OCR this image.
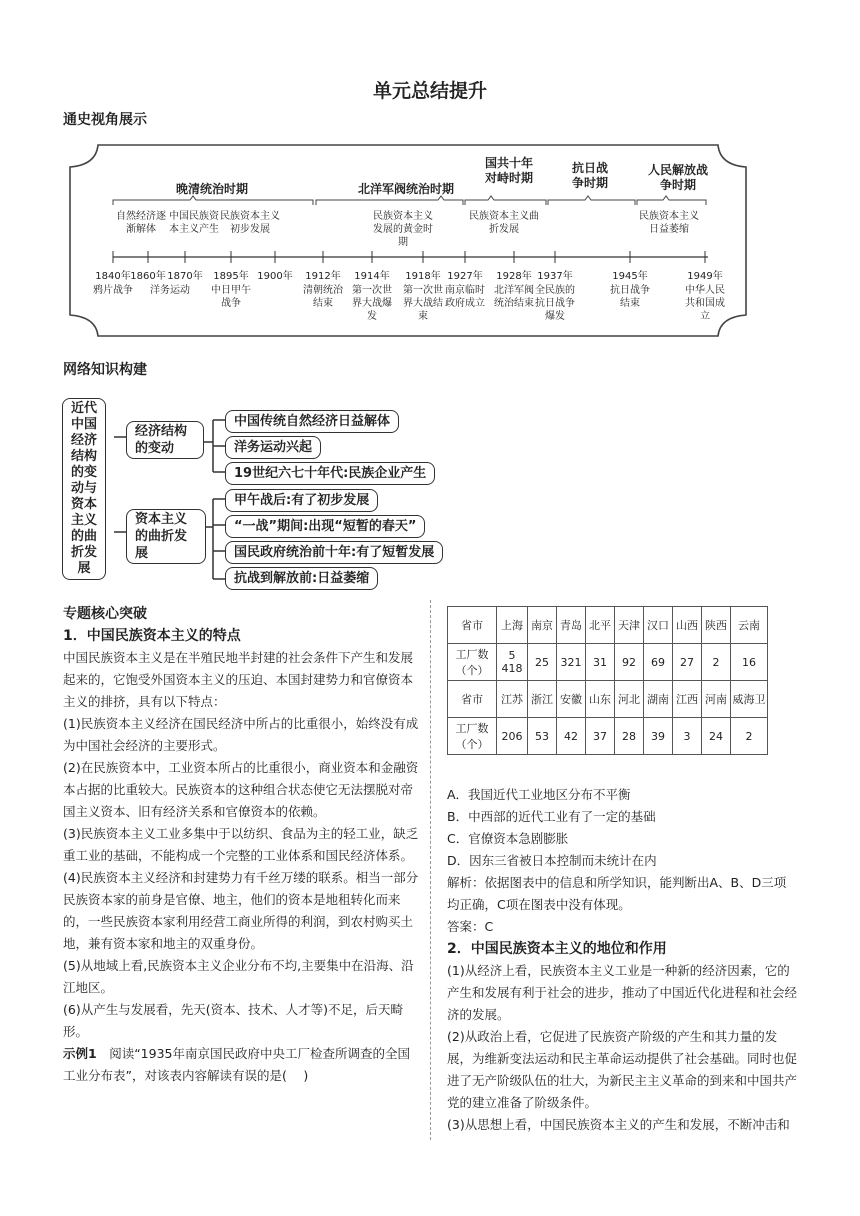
单元总结提升
通史视角展示
晚清统治时期	北洋军阀统治时期
国共十年对峙时期
抗日战争时期
人民解放战争时期
自然经济逐渐解体
中国民族资本主义产生
民族资本主义初步发展
民族资本主义发展的黄金时期
民族资本主义曲折发展
民族资本主义日益萎缩
1840年
鸦片战争
1860年
洋务运动
1870年	1895年
中日甲午战争
1900年	1912年
清朝统治结束
1914年
第一次世界大战爆发
1918年
第一次世界大战结束
1927年
南京临时政府成立
1928年
北洋军阀统治结束
1937年
全民族的抗日战争爆发
1945年
抗日战争结束
1949年
中华人民共和国成立
网络知识构建
近代中国经济结构的变动与资本主义的曲折发展
经济结构的变动
资本主义的曲折发展
中国传统自然经济日益解体
洋务运动兴起
19世纪六七十年代:民族企业产生
甲午战后:有了初步发展
“一战”期间:出现“短暂的春天”
国民政府统治前十年:有了短暂发展
抗战到解放前:日益萎缩
专题核心突破
1．中国民族资本主义的特点

中国民族资本主义是在半殖民地半封建的社会条件下产生和发展起来的，它饱受外国资本主义的压迫、本国封建势力和官僚资本主义的排挤，具有以下特点：

(1)民族资本主义经济在国民经济中所占的比重很小，始终没有成为中国社会经济的主要形式。

(2)在民族资本中，工业资本所占的比重很小，商业资本和金融资本占据的比重较大。民族资本的这种组合状态使它无法摆脱对帝国主义资本、旧有经济关系和官僚资本的依赖。

(3)民族资本主义工业多集中于以纺织、食品为主的轻工业，缺乏重工业的基础，不能构成一个完整的工业体系和国民经济体系。

(4)民族资本主义经济和封建势力有千丝万缕的联系。相当一部分民族资本家的前身是官僚、地主，他们的资本是地租转化而来的，一些民族资本家利用经营工商业所得的利润，到农村购买土地，兼有资本家和地主的双重身份。

(5)从地域上看,民族资本主义企业分布不均,主要集中在沿海、沿江地区。

(6)从产生与发展看，先天(资本、技术、人才等)不足，后天畸形。

示例1　阅读“1935年南京国民政府中央工厂检查所调查的全国工业分布表”，对该表内容解读有误的是(　 )

省市	上海	南京	青岛	北平	天津	汉口	山西	陕西	云南
工厂数（个）	5 418	25	321	31	92	69	27	2	16
省市	江苏	浙江	安徽	山东	河北	湖南	江西	河南	威海卫
工厂数（个）	206	53	42	37	28	39	3	24	2

A．我国近代工业地区分布不平衡

B．中西部的近代工业有了一定的基础

C．官僚资本急剧膨胀

D．因东三省被日本控制而未统计在内

解析：依据图表中的信息和所学知识，能判断出A、B、D三项均正确，C项在图表中没有体现。

答案：C

2．中国民族资本主义的地位和作用

(1)从经济上看，民族资本主义工业是一种新的经济因素，它的产生和发展有利于社会的进步，推动了中国近代化进程和社会经济的发展。

(2)从政治上看，它促进了民族资产阶级的产生和其力量的发展，为维新变法运动和民主革命运动提供了社会基础。同时也促进了无产阶级队伍的壮大，为新民主主义革命的到来和中国共产党的建立准备了阶级条件。

(3)从思想上看，中国民族资本主义的产生和发展，不断冲击和
